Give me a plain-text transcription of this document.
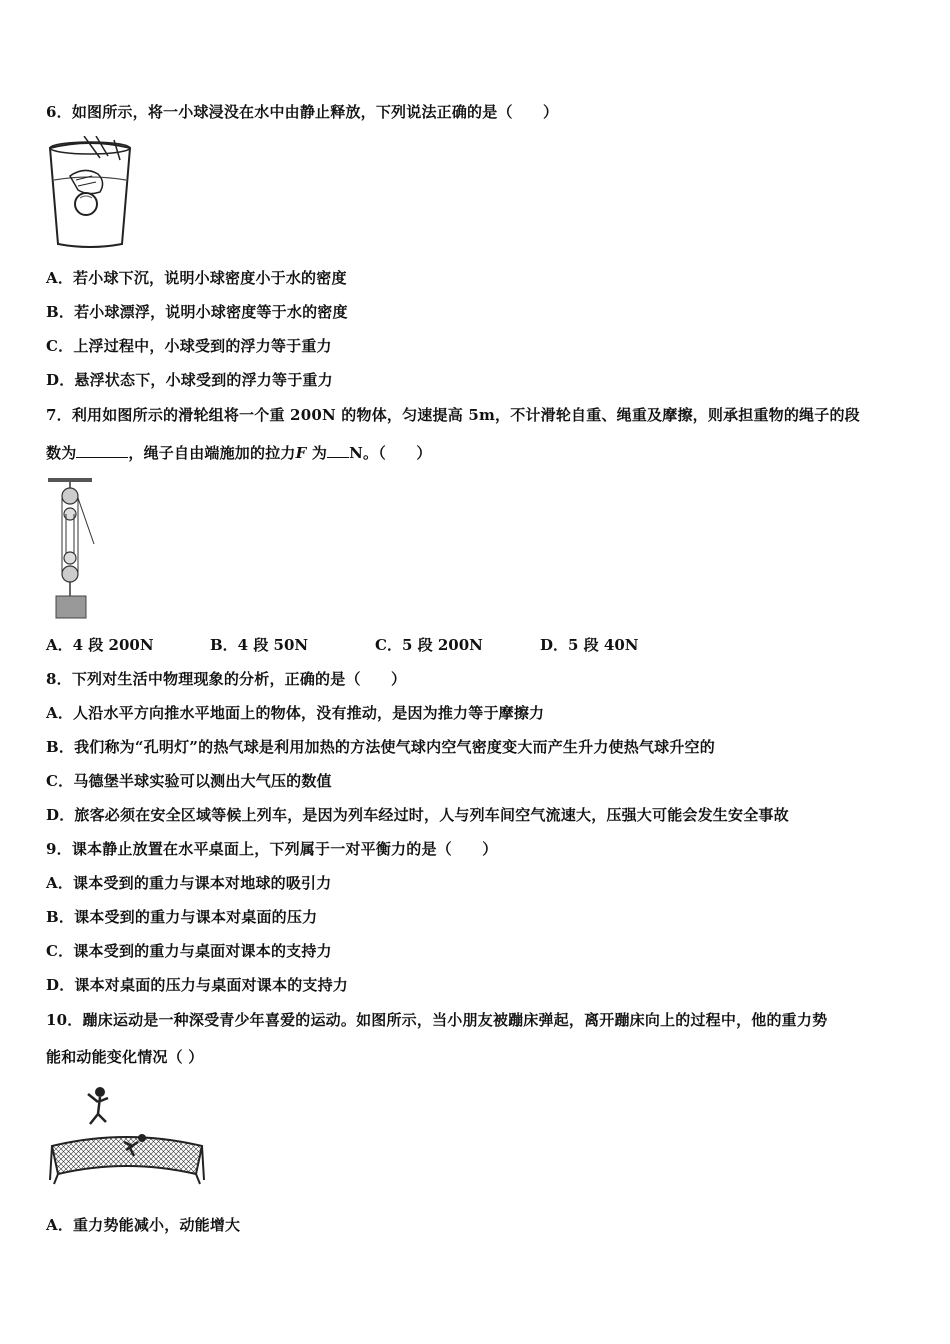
6．如图所示，将一小球浸没在水中由静止释放，下列说法正确的是（　　）
A．若小球下沉，说明小球密度小于水的密度
B．若小球漂浮，说明小球密度等于水的密度
C．上浮过程中，小球受到的浮力等于重力
D．悬浮状态下，小球受到的浮力等于重力
7．利用如图所示的滑轮组将一个重 200N 的物体，匀速提高 5m，不计滑轮自重、绳重及摩擦，则承担重物的绳子的段
数为	，绳子自由端施加的拉力F 为 N。（　　）
A．4 段 200N	B．4 段 50N	C．5 段 200N	D．5 段 40N
8．下列对生活中物理现象的分析，正确的是（　　）
A．人沿水平方向推水平地面上的物体，没有推动，是因为推力等于摩擦力
B．我们称为“孔明灯”的热气球是利用加热的方法使气球内空气密度变大而产生升力使热气球升空的
C．马德堡半球实验可以测出大气压的数值
D．旅客必须在安全区域等候上列车，是因为列车经过时，人与列车间空气流速大，压强大可能会发生安全事故
9．课本静止放置在水平桌面上，下列属于一对平衡力的是（　　）
A．课本受到的重力与课本对地球的吸引力
B．课本受到的重力与课本对桌面的压力
C．课本受到的重力与桌面对课本的支持力
D．课本对桌面的压力与桌面对课本的支持力
10．蹦床运动是一种深受青少年喜爱的运动。如图所示，当小朋友被蹦床弹起，离开蹦床向上的过程中，他的重力势
能和动能变化情况（ ）
A．重力势能减小，动能增大
